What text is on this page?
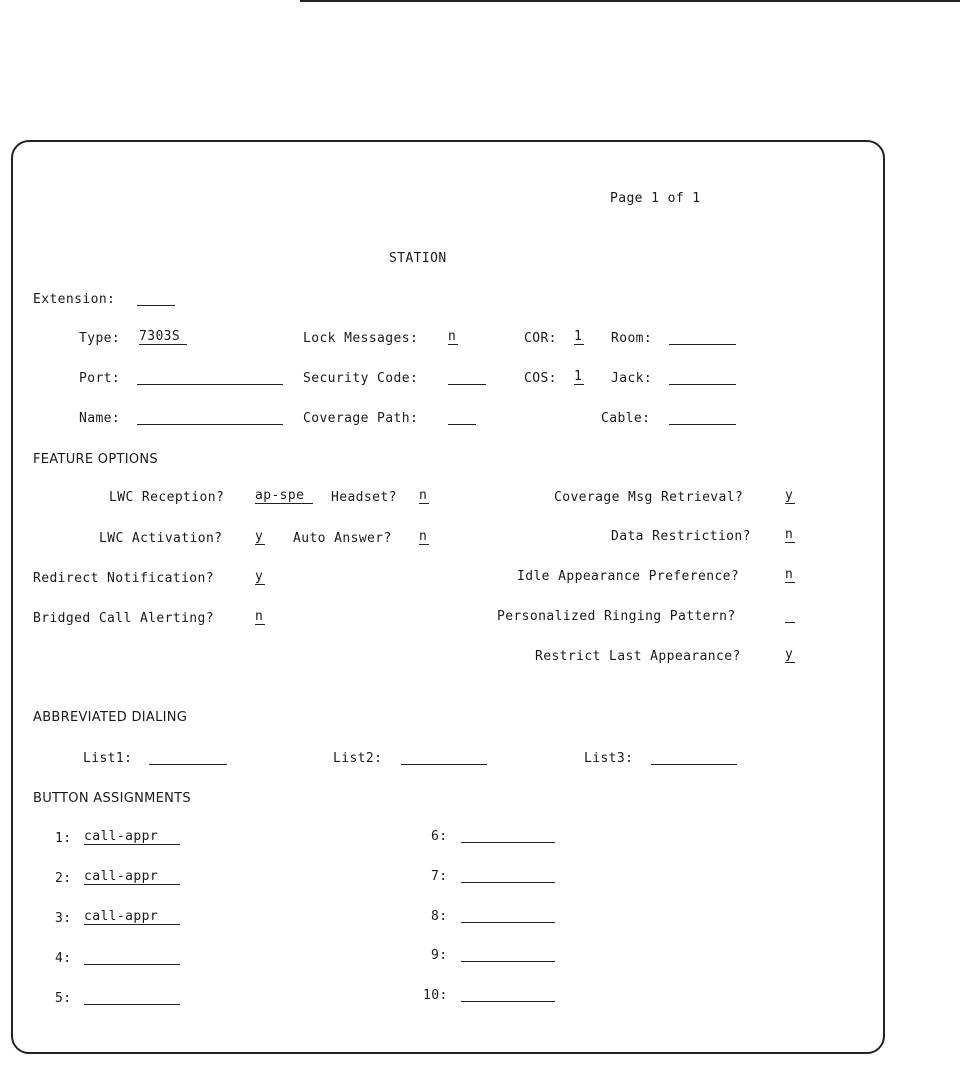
Page 1 of 1
STATION
Extension:
Type: 7303S	Lock Messages: n	COR: 1 Room:
Port:	Security Code:	COS: 1 Jack:
Name:	Coverage Path:	Cable:
FEATURE OPTIONS
LWC Reception? ap-spe	Headset? n	Coverage Msg Retrieval?	y
LWC Activation?	y Auto Answer? n	Data Restriction?	n
Redirect Notification?	y	Idle Appearance Preference?	n
Bridged Call Alerting?	n	Personalized Ringing Pattern?
Restrict Last Appearance?	y
ABBREVIATED DIALING
List1:	List2:	List3:
BUTTON ASSIGNMENTS
1: call-appr
2: call-appr
3: call-appr
4:
5:
6:
7:
8:
9:
10:
